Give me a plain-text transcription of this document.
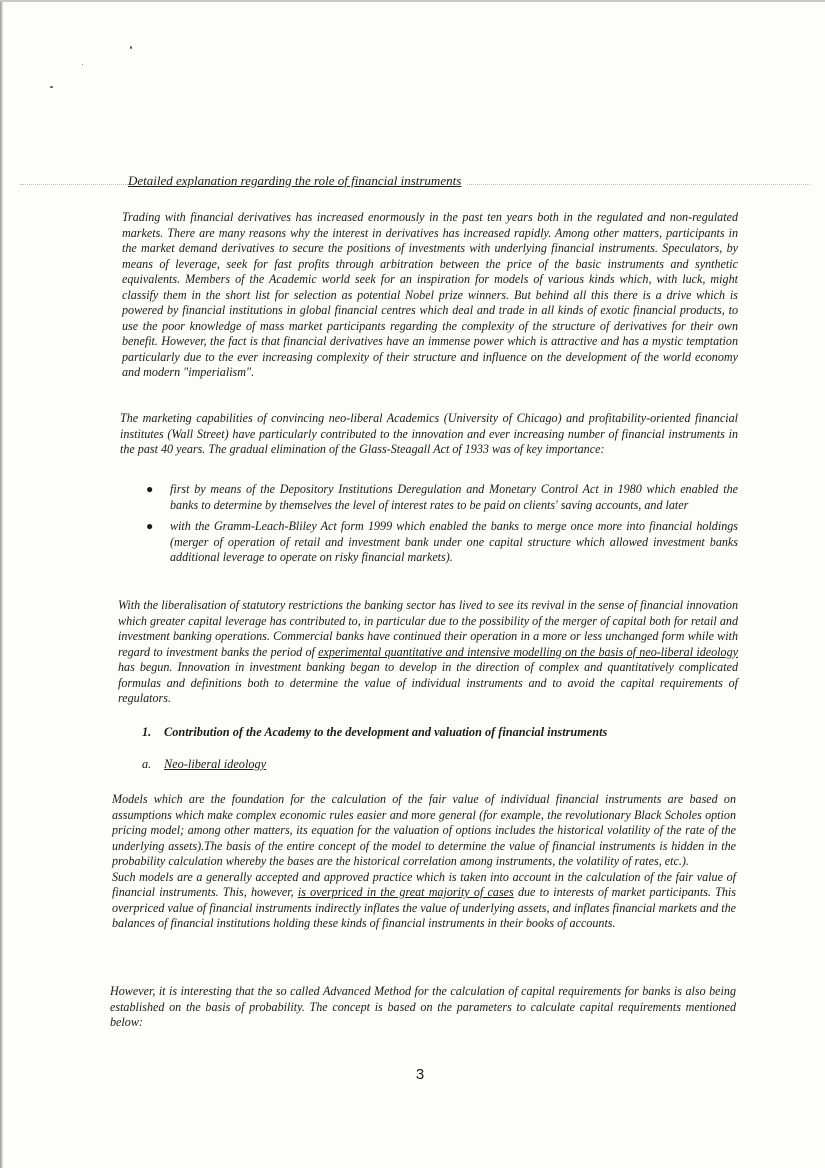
Detailed explanation regarding the role of financial instruments

Trading with financial derivatives has increased enormously in the past ten years both in the regulated and non-regulated markets. There are many reasons why the interest in derivatives has increased rapidly. Among other matters, participants in the market demand derivatives to secure the positions of investments with underlying financial instruments. Speculators, by means of leverage, seek for fast profits through arbitration between the price of the basic instruments and synthetic equivalents. Members of the Academic world seek for an inspiration for models of various kinds which, with luck, might classify them in the short list for selection as potential Nobel prize winners. But behind all this there is a drive which is powered by financial institutions in global financial centres which deal and trade in all kinds of exotic financial products, to use the poor knowledge of mass market participants regarding the complexity of the structure of derivatives for their own benefit. However, the fact is that financial derivatives have an immense power which is attractive and has a mystic temptation particularly due to the ever increasing complexity of their structure and influence on the development of the world economy and modern "imperialism".

The marketing capabilities of convincing neo-liberal Academics (University of Chicago) and profitability-oriented financial institutes (Wall Street) have particularly contributed to the innovation and ever increasing number of financial instruments in the past 40 years. The gradual elimination of the Glass-Steagall Act of 1933 was of key importance:

● first by means of the Depository Institutions Deregulation and Monetary Control Act in 1980 which enabled the banks to determine by themselves the level of interest rates to be paid on clients' saving accounts, and later
● with the Gramm-Leach-Bliley Act form 1999 which enabled the banks to merge once more into financial holdings (merger of operation of retail and investment bank under one capital structure which allowed investment banks additional leverage to operate on risky financial markets).

With the liberalisation of statutory restrictions the banking sector has lived to see its revival in the sense of financial innovation which greater capital leverage has contributed to, in particular due to the possibility of the merger of capital both for retail and investment banking operations. Commercial banks have continued their operation in a more or less unchanged form while with regard to investment banks the period of experimental quantitative and intensive modelling on the basis of neo-liberal ideology has begun. Innovation in investment banking began to develop in the direction of complex and quantitatively complicated formulas and definitions both to determine the value of individual instruments and to avoid the capital requirements of regulators.

1. Contribution of the Academy to the development and valuation of financial instruments
a. Neo-liberal ideology

Models which are the foundation for the calculation of the fair value of individual financial instruments are based on assumptions which make complex economic rules easier and more general (for example, the revolutionary Black Scholes option pricing model; among other matters, its equation for the valuation of options includes the historical volatility of the rate of the underlying assets).The basis of the entire concept of the model to determine the value of financial instruments is hidden in the probability calculation whereby the bases are the historical correlation among instruments, the volatility of rates, etc.).
Such models are a generally accepted and approved practice which is taken into account in the calculation of the fair value of financial instruments. This, however, is overpriced in the great majority of cases due to interests of market participants. This overpriced value of financial instruments indirectly inflates the value of underlying assets, and inflates financial markets and the balances of financial institutions holding these kinds of financial instruments in their books of accounts.

However, it is interesting that the so called Advanced Method for the calculation of capital requirements for banks is also being established on the basis of probability. The concept is based on the parameters to calculate capital requirements mentioned below:

3
